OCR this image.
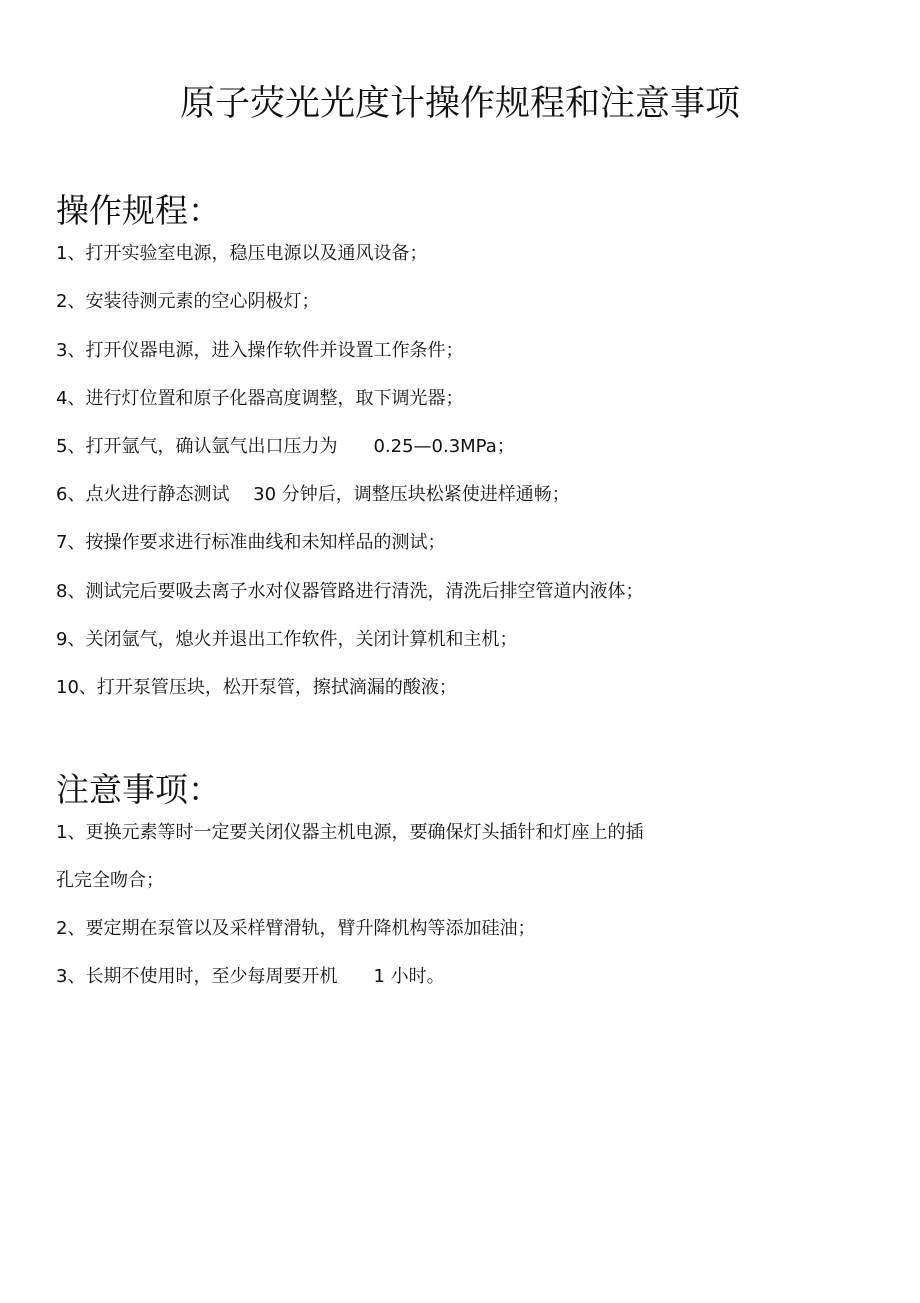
原子荧光光度计操作规程和注意事项
操作规程：

1、打开实验室电源，稳压电源以及通风设备；

2、安装待测元素的空心阴极灯；

3、打开仪器电源，进入操作软件并设置工作条件；

4、进行灯位置和原子化器高度调整，取下调光器；

5、打开氩气，确认氩气出口压力为　　0.25—0.3MPa；

6、点火进行静态测试　 30 分钟后，调整压块松紧使进样通畅；

7、按操作要求进行标准曲线和未知样品的测试；

8、测试完后要吸去离子水对仪器管路进行清洗，清洗后排空管道内液体；

9、关闭氩气，熄火并退出工作软件，关闭计算机和主机；

10、打开泵管压块，松开泵管，擦拭滴漏的酸液；

注意事项：

1、更换元素等时一定要关闭仪器主机电源，要确保灯头插针和灯座上的插

孔完全吻合；

2、要定期在泵管以及采样臂滑轨，臂升降机构等添加硅油；

3、长期不使用时，至少每周要开机　　1 小时。
